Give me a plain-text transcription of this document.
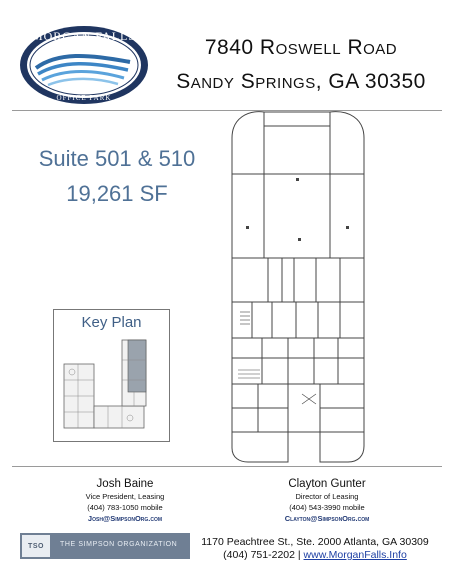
MORGAN FALLS
OFFICE PARK
7840 Roswell Road
Sandy Springs, GA 30350
Suite 501 & 510
19,261 SF
Key Plan
Josh Baine
Vice President, Leasing
(404) 783-1050 mobile
Josh@SimpsonOrg.com
Clayton Gunter
Director of Leasing
(404) 543-3990 mobile
Clayton@SimpsonOrg.com
TSO	THE SIMPSON ORGANIZATION	1170 Peachtree St., Ste. 2000 Atlanta, GA 30309
(404) 751-2202 | www.MorganFalls.Info
